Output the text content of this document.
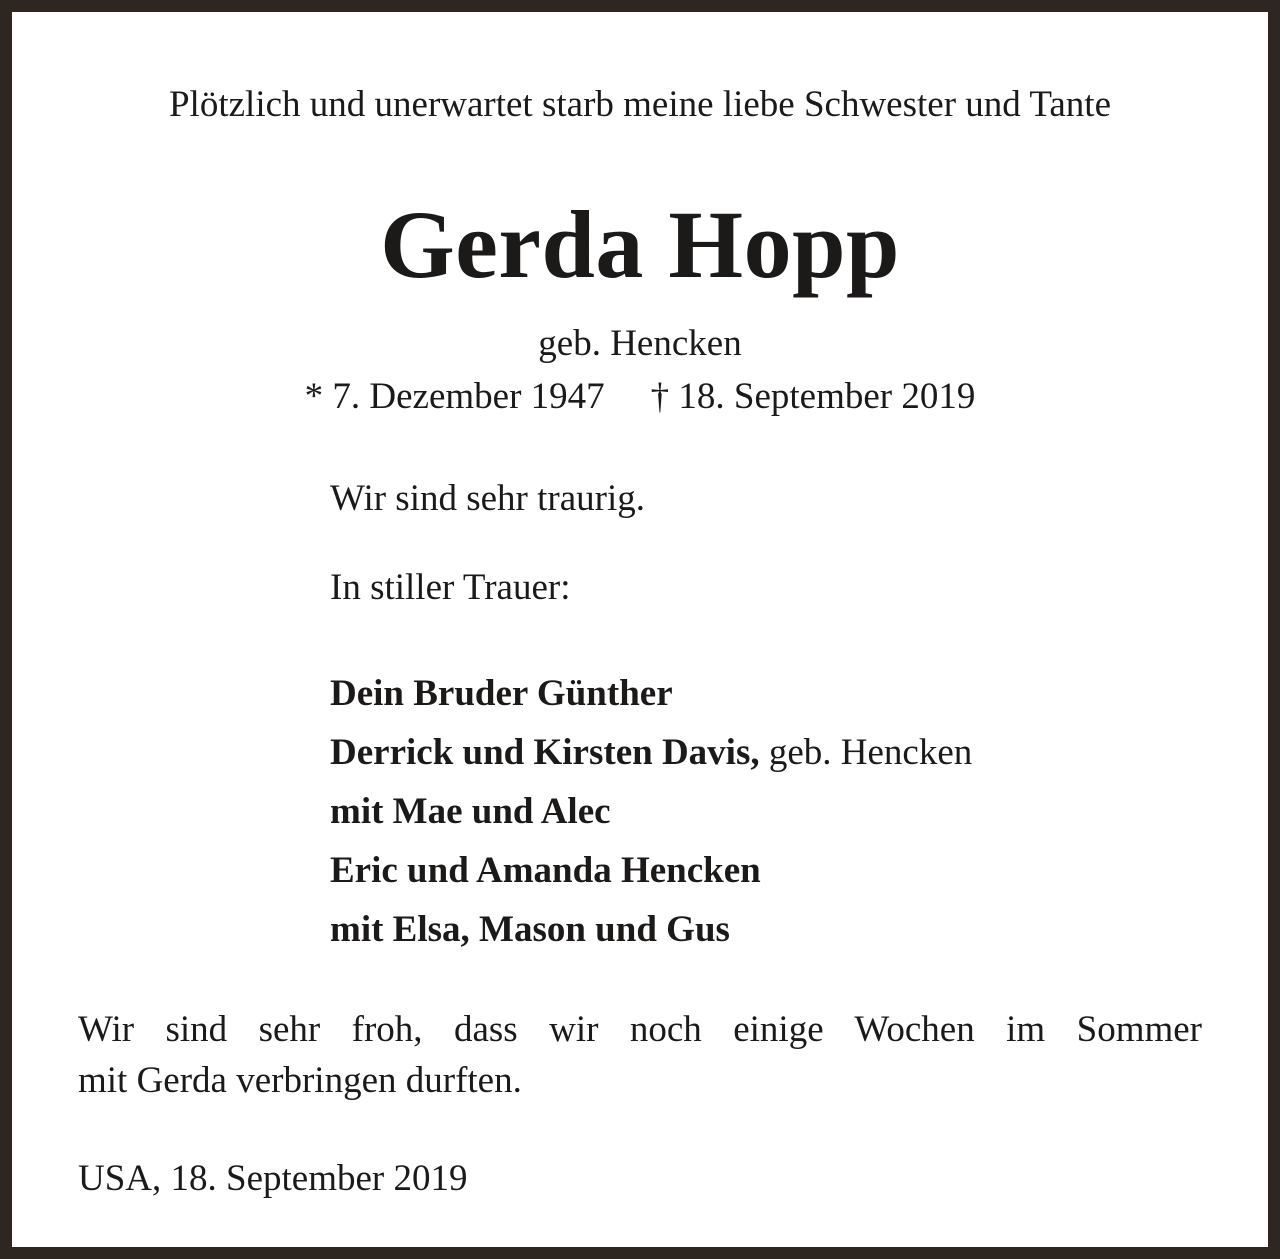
Plötzlich und unerwartet starb meine liebe Schwester und Tante

Gerda Hopp

geb. Hencken

* 7. Dezember 1947 † 18. September 2019

Wir sind sehr traurig.

In stiller Trauer:

Dein Bruder Günther
Derrick und Kirsten Davis, geb. Hencken
mit Mae und Alec
Eric und Amanda Hencken
mit Elsa, Mason und Gus

Wir sind sehr froh, dass wir noch einige Wochen im Sommer
mit Gerda verbringen durften.

USA, 18. September 2019
